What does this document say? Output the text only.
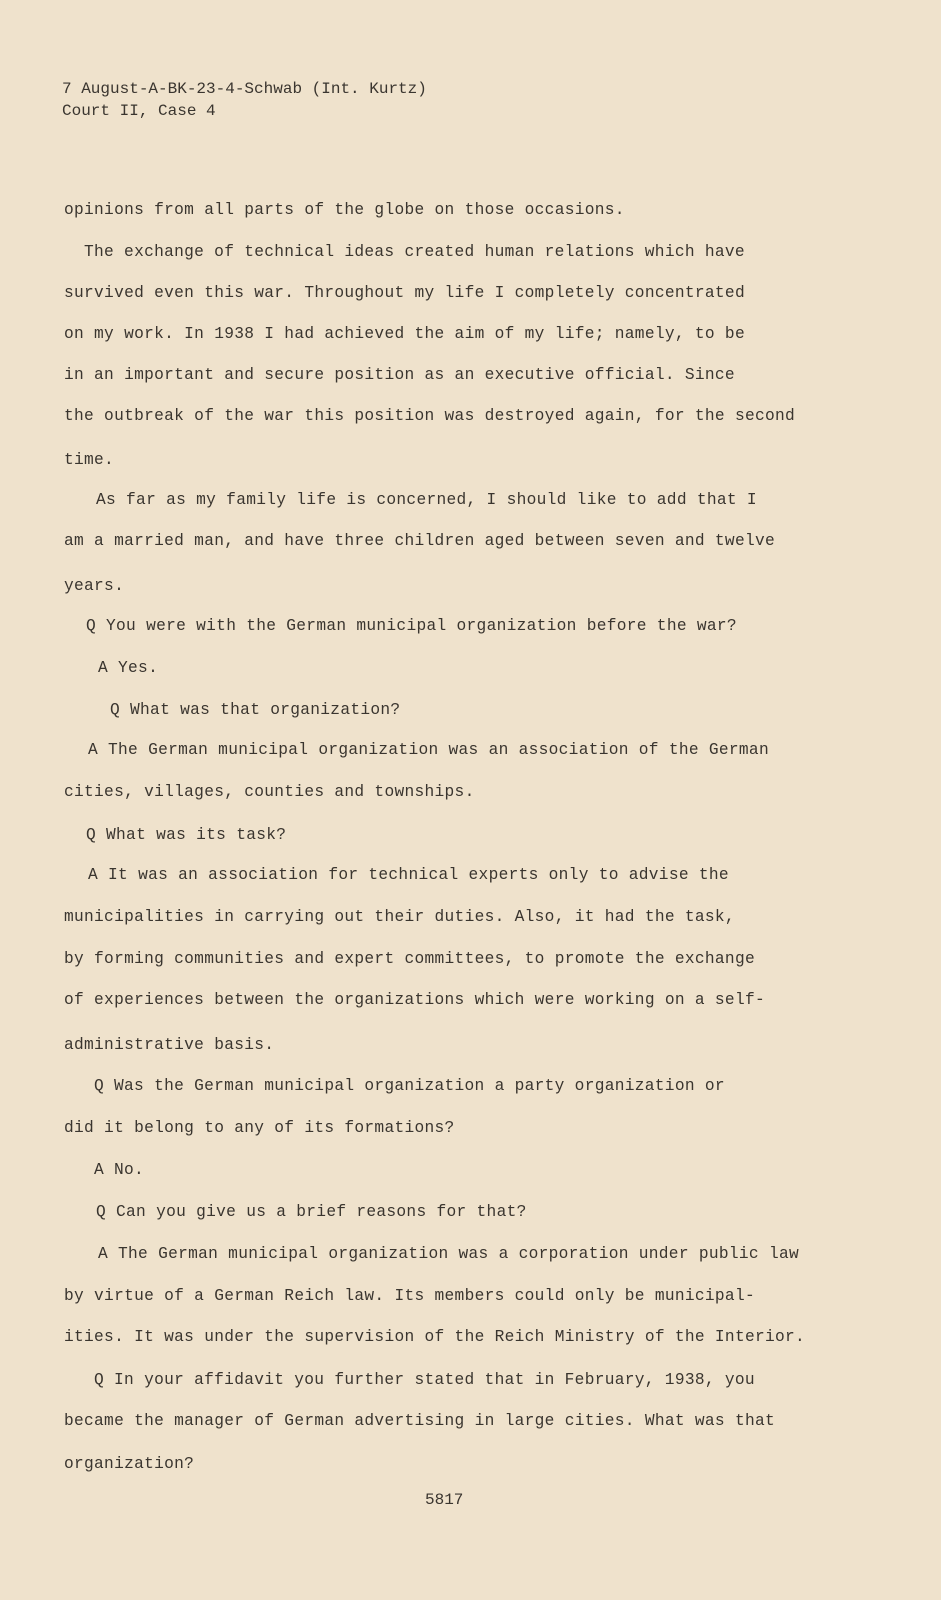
7 August-A-BK-23-4-Schwab (Int. Kurtz)
Court II, Case 4
opinions from all parts of the globe on those occasions.
The exchange of technical ideas created human relations which have
survived even this war. Throughout my life I completely concentrated
on my work. In 1938 I had achieved the aim of my life; namely, to be
in an important and secure position as an executive official. Since
the outbreak of the war this position was destroyed again, for the second
time.
As far as my family life is concerned, I should like to add that I
am a married man, and have three children aged between seven and twelve
years.
Q You were with the German municipal organization before the war?
A Yes.
Q What was that organization?
A The German municipal organization was an association of the German
cities, villages, counties and townships.
Q What was its task?
A It was an association for technical experts only to advise the
municipalities in carrying out their duties. Also, it had the task,
by forming communities and expert committees, to promote the exchange
of experiences between the organizations which were working on a self-
administrative basis.
Q Was the German municipal organization a party organization or
did it belong to any of its formations?
A No.
Q Can you give us a brief reasons for that?
A The German municipal organization was a corporation under public law
by virtue of a German Reich law. Its members could only be municipal-
ities. It was under the supervision of the Reich Ministry of the Interior.
Q In your affidavit you further stated that in February, 1938, you
became the manager of German advertising in large cities. What was that
organization?
5817
